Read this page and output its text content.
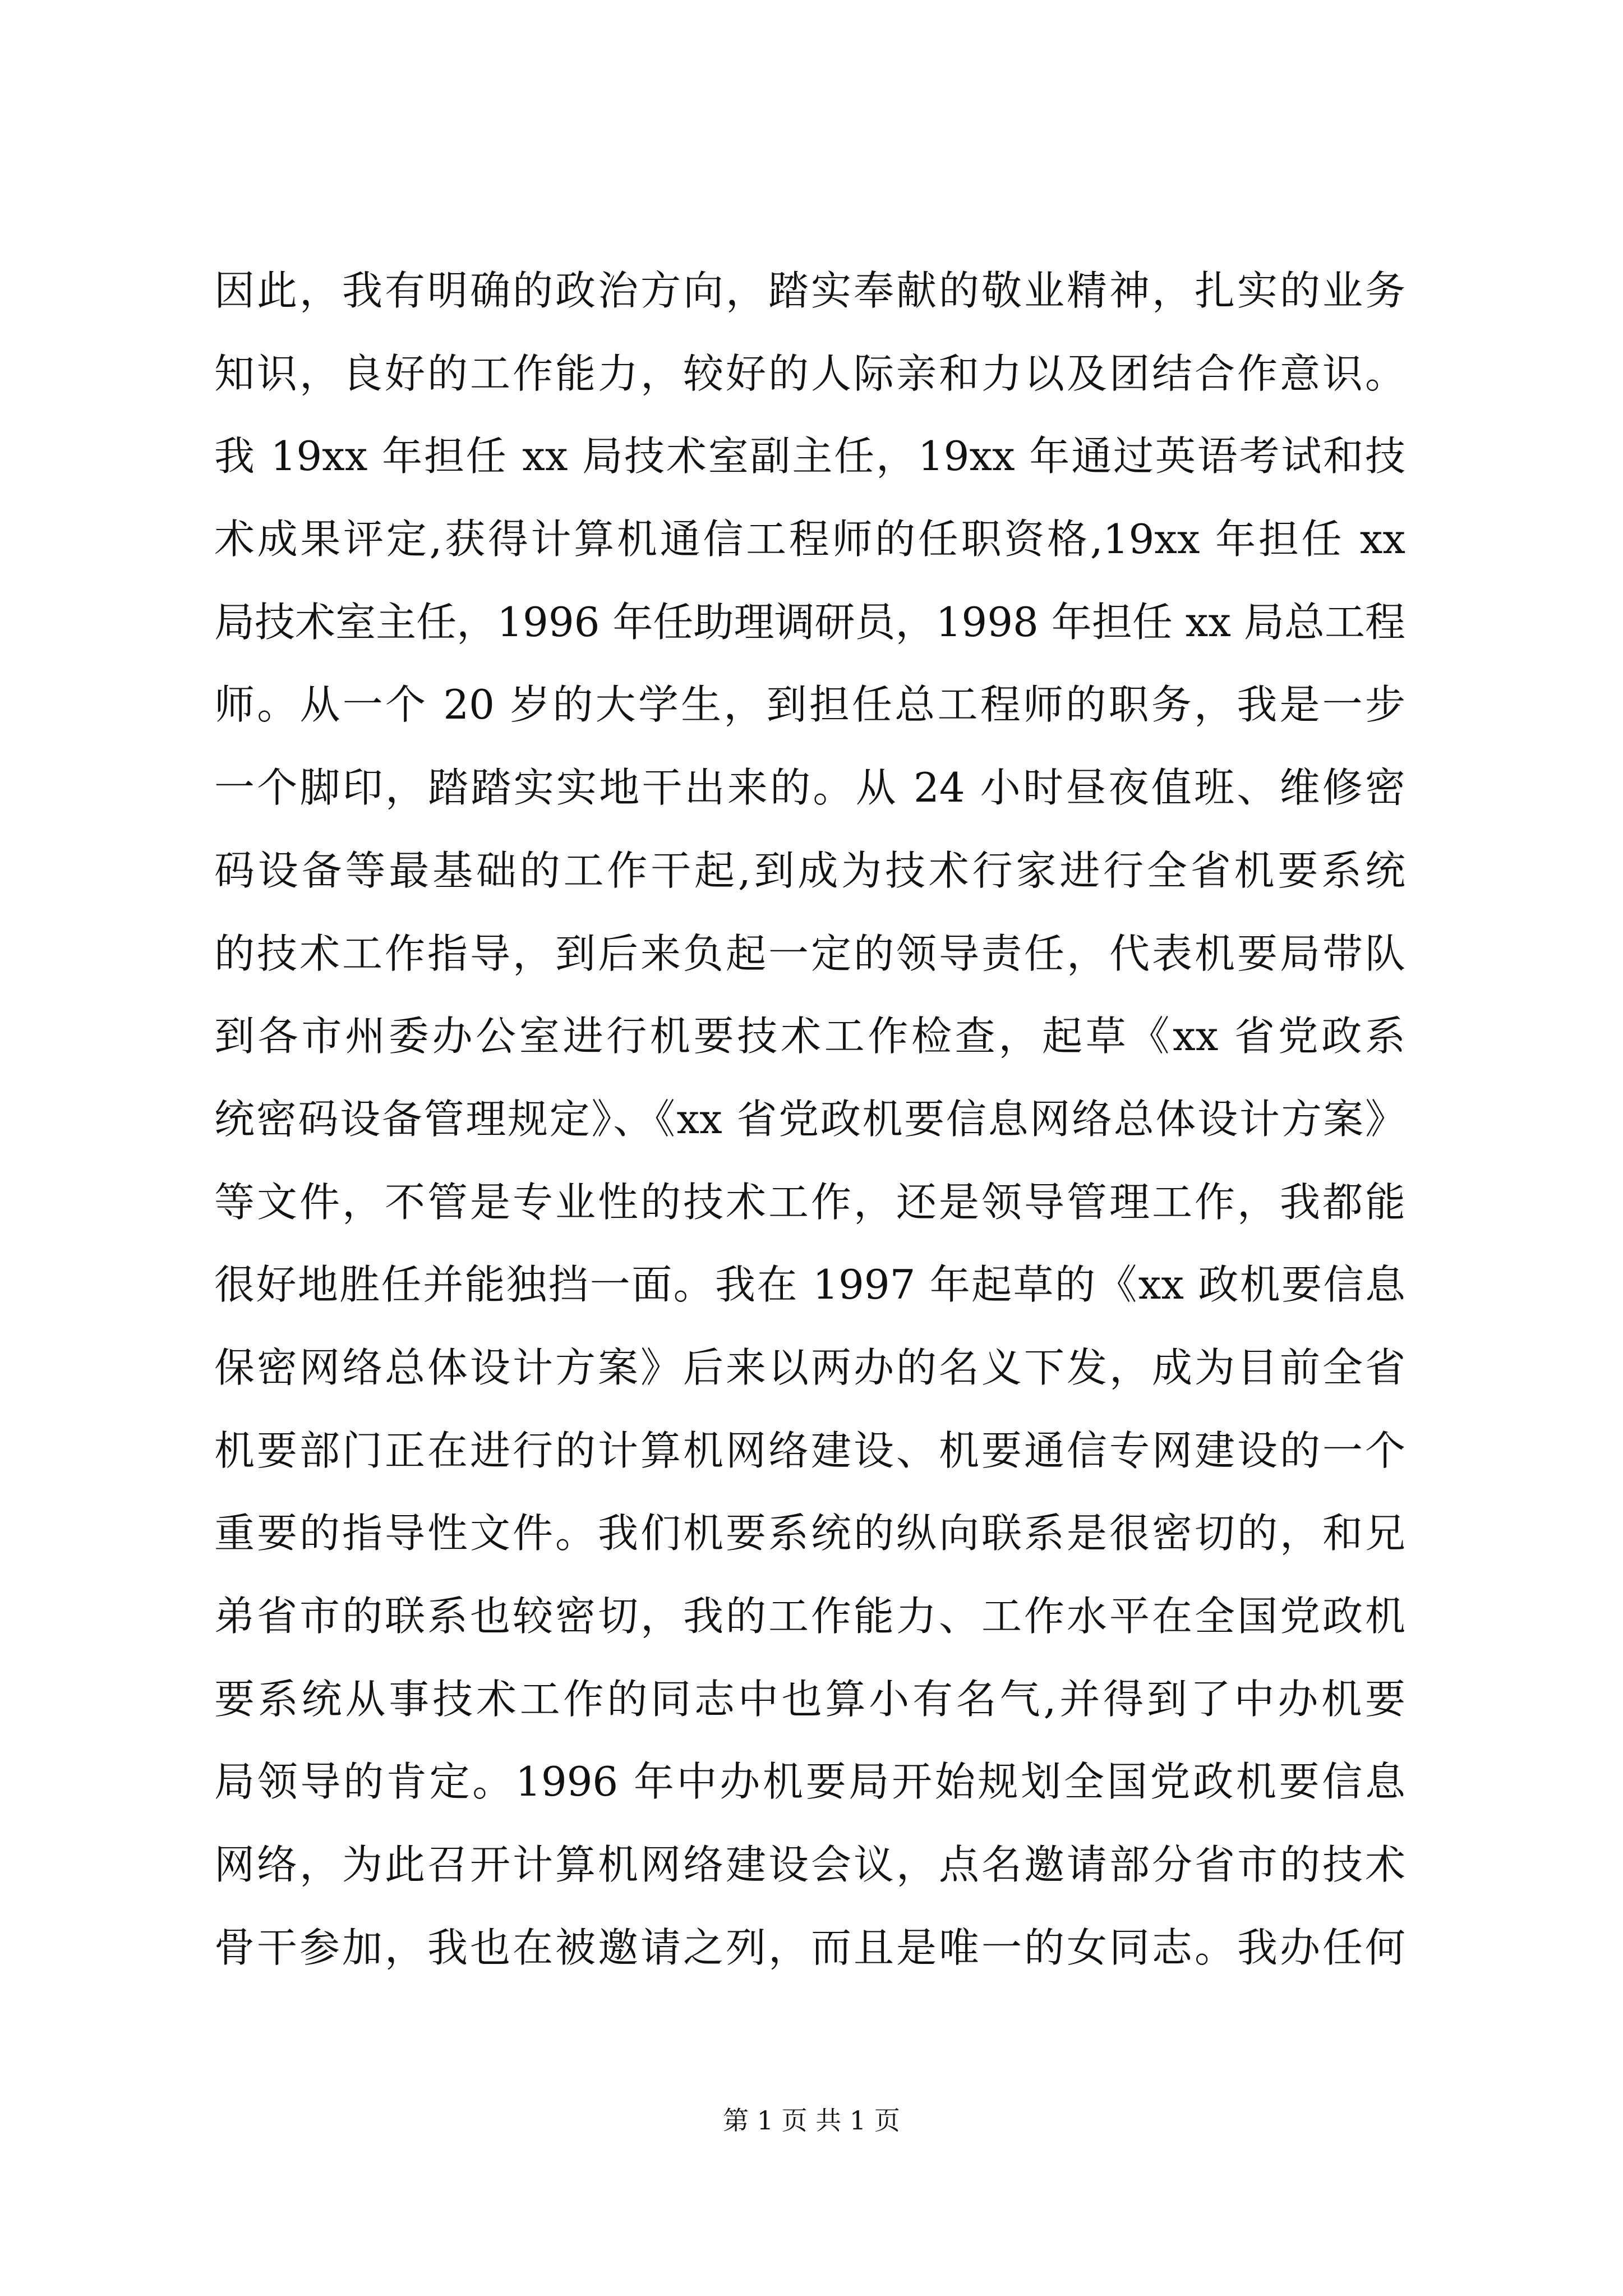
因此，我有明确的政治方向，踏实奉献的敬业精神，扎实的业务
知识，良好的工作能力，较好的人际亲和力以及团结合作意识。
我 19xx 年担任 xx 局技术室副主任，19xx 年通过英语考试和技
术成果评定,获得计算机通信工程师的任职资格,19xx 年担任 xx
局技术室主任，1996 年任助理调研员，1998 年担任 xx 局总工程
师。从一个 20 岁的大学生，到担任总工程师的职务，我是一步
一个脚印，踏踏实实地干出来的。从 24 小时昼夜值班、维修密
码设备等最基础的工作干起,到成为技术行家进行全省机要系统
的技术工作指导，到后来负起一定的领导责任，代表机要局带队
到各市州委办公室进行机要技术工作检查，起草《xx 省党政系
统密码设备管理规定》、《xx 省党政机要信息网络总体设计方案》
等文件，不管是专业性的技术工作，还是领导管理工作，我都能
很好地胜任并能独挡一面。我在 1997 年起草的《xx 政机要信息
保密网络总体设计方案》后来以两办的名义下发，成为目前全省
机要部门正在进行的计算机网络建设、机要通信专网建设的一个
重要的指导性文件。我们机要系统的纵向联系是很密切的，和兄
弟省市的联系也较密切，我的工作能力、工作水平在全国党政机
要系统从事技术工作的同志中也算小有名气,并得到了中办机要
局领导的肯定。1996 年中办机要局开始规划全国党政机要信息
网络，为此召开计算机网络建设会议，点名邀请部分省市的技术
骨干参加，我也在被邀请之列，而且是唯一的女同志。我办任何
第 1 页 共 1 页
